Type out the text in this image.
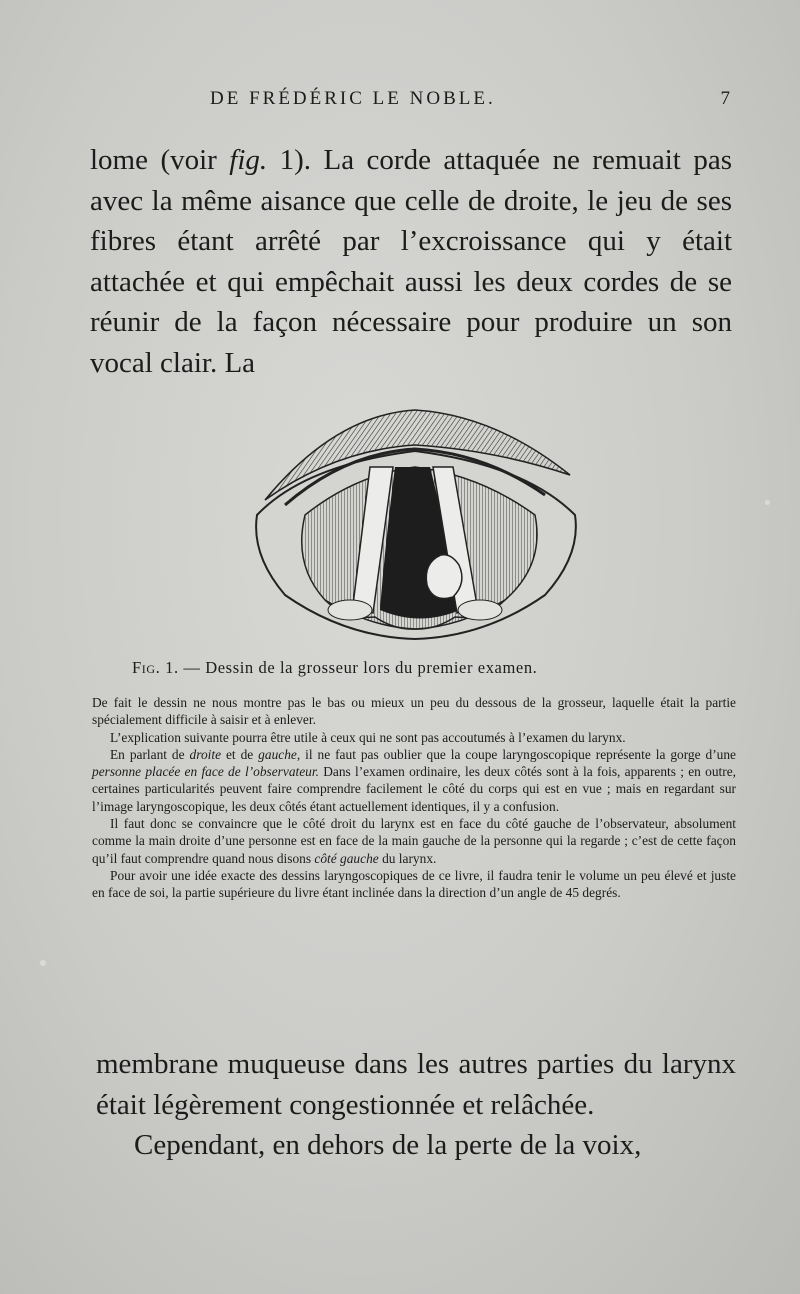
DE FRÉDÉRIC LE NOBLE.	7

lome (voir fig. 1). La corde attaquée ne remuait pas avec la même aisance que celle de droite, le jeu de ses fibres étant arrêté par l’excroissance qui y était attachée et qui empêchait aussi les deux cordes de se réunir de la façon nécessaire pour produire un son vocal clair. La

Fig. 1. — Dessin de la grosseur lors du premier examen.

De fait le dessin ne nous montre pas le bas ou mieux un peu du dessous de la grosseur, laquelle était la partie spécialement difficile à saisir et à enlever.

L’explication suivante pourra être utile à ceux qui ne sont pas accoutumés à l’examen du larynx.

En parlant de droite et de gauche, il ne faut pas oublier que la coupe laryngoscopique représente la gorge d’une personne placée en face de l’observateur. Dans l’examen ordinaire, les deux côtés sont à la fois, apparents ; en outre, certaines particularités peuvent faire comprendre facilement le côté du corps qui est en vue ; mais en regardant sur l’image laryngoscopique, les deux côtés étant actuellement identiques, il y a confusion.

Il faut donc se convaincre que le côté droit du larynx est en face du côté gauche de l’observateur, absolument comme la main droite d’une personne est en face de la main gauche de la personne qui la regarde ; c’est de cette façon qu’il faut comprendre quand nous disons côté gauche du larynx.

Pour avoir une idée exacte des dessins laryngoscopiques de ce livre, il faudra tenir le volume un peu élevé et juste en face de soi, la partie supérieure du livre étant inclinée dans la direction d’un angle de 45 degrés.

membrane muqueuse dans les autres parties du larynx était légèrement congestionnée et relâchée.

Cependant, en dehors de la perte de la voix,
